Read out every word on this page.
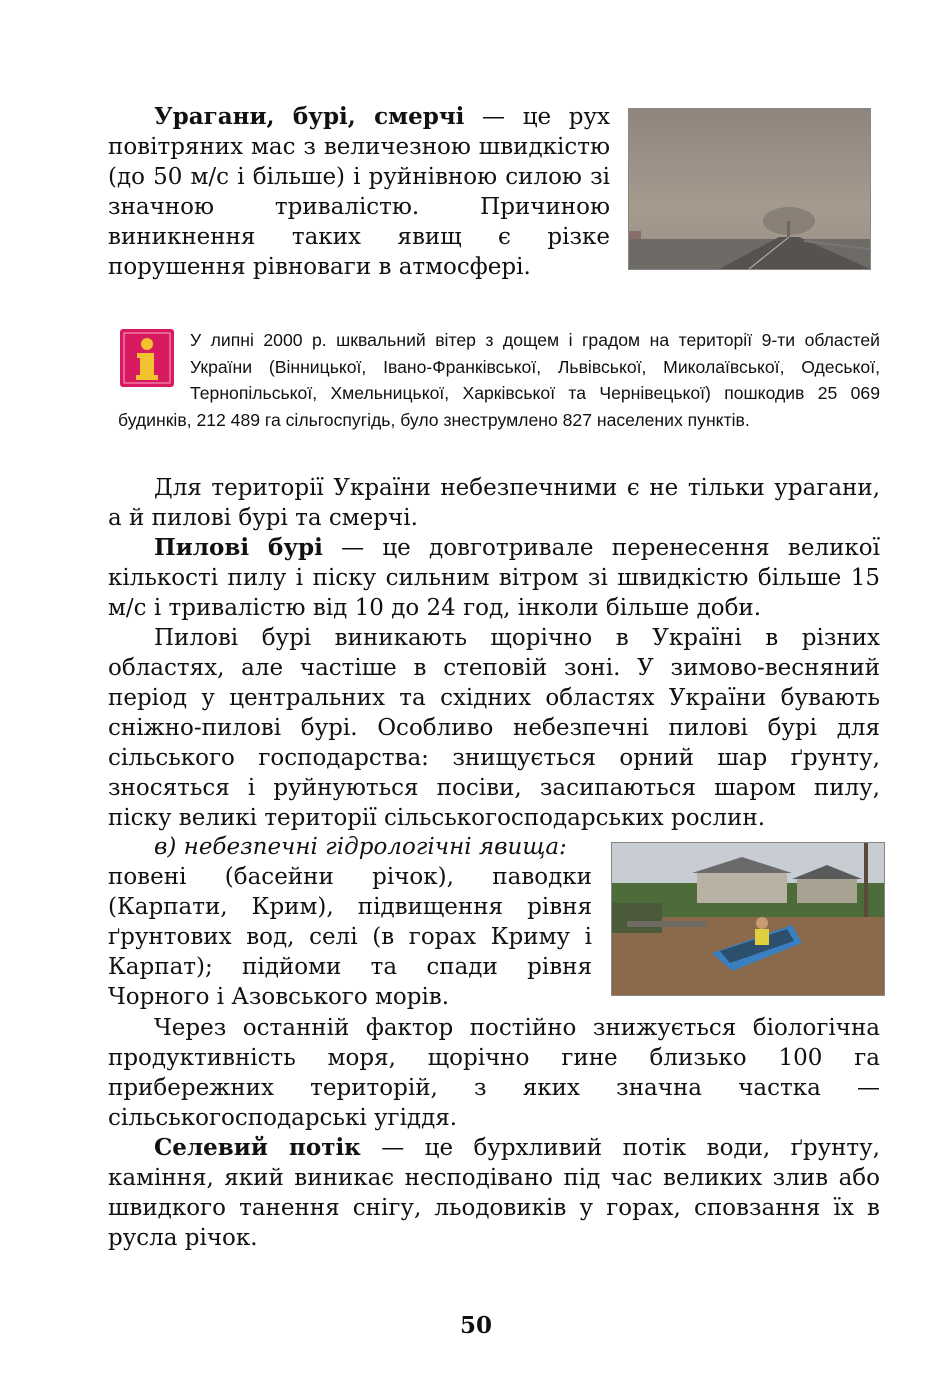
Урагани, бурі, смерчі — це рух повітряних мас з величезною швидкістю (до 50 м/с і більше) і руйнівною силою зі значною тривалістю. Причиною виникнення таких явищ є різке порушення рівноваги в атмосфері.

У липні 2000 р. шквальний вітер з дощем і градом на території 9-ти областей України (Вінницької, Івано-Франківської, Львівської, Миколаївської, Одеської, Тернопільської, Хмельницької, Харківської та Чернівецької) пошкодив 25 069 будинків, 212 489 га сільгоспугідь, було знеструмлено 827 населених пунктів.

Для території України небезпечними є не тільки урагани, а й пилові бурі та смерчі.

Пилові бурі — це довготривале перенесення великої кількості пилу і піску сильним вітром зі швидкістю більше 15 м/с і тривалістю від 10 до 24 год, інколи більше доби.

Пилові бурі виникають щорічно в Україні в різних областях, але частіше в степовій зоні. У зимово-весняний період у центральних та східних областях України бувають сніжно-пилові бурі. Особливо небезпечні пилові бурі для сільського господарства: знищується орний шар ґрунту, зносяться і руйнуються посіви, засипаються шаром пилу, піску великі території сільськогосподарських рослин.

в) небезпечні гідрологічні явища:

повені (басейни річок), паводки (Карпати, Крим), підвищення рівня ґрунтових вод, селі (в горах Криму і Карпат); підйоми та спади рівня Чорного і Азовського морів.

Через останній фактор постійно знижується біологічна продуктивність моря, щорічно гине близько 100 га прибережних територій, з яких значна частка — сільськогосподарські угіддя.

Селевий потік — це бурхливий потік води, ґрунту, каміння, який виникає несподівано під час великих злив або швидкого танення снігу, льодовиків у горах, сповзання їх в русла річок.

50
